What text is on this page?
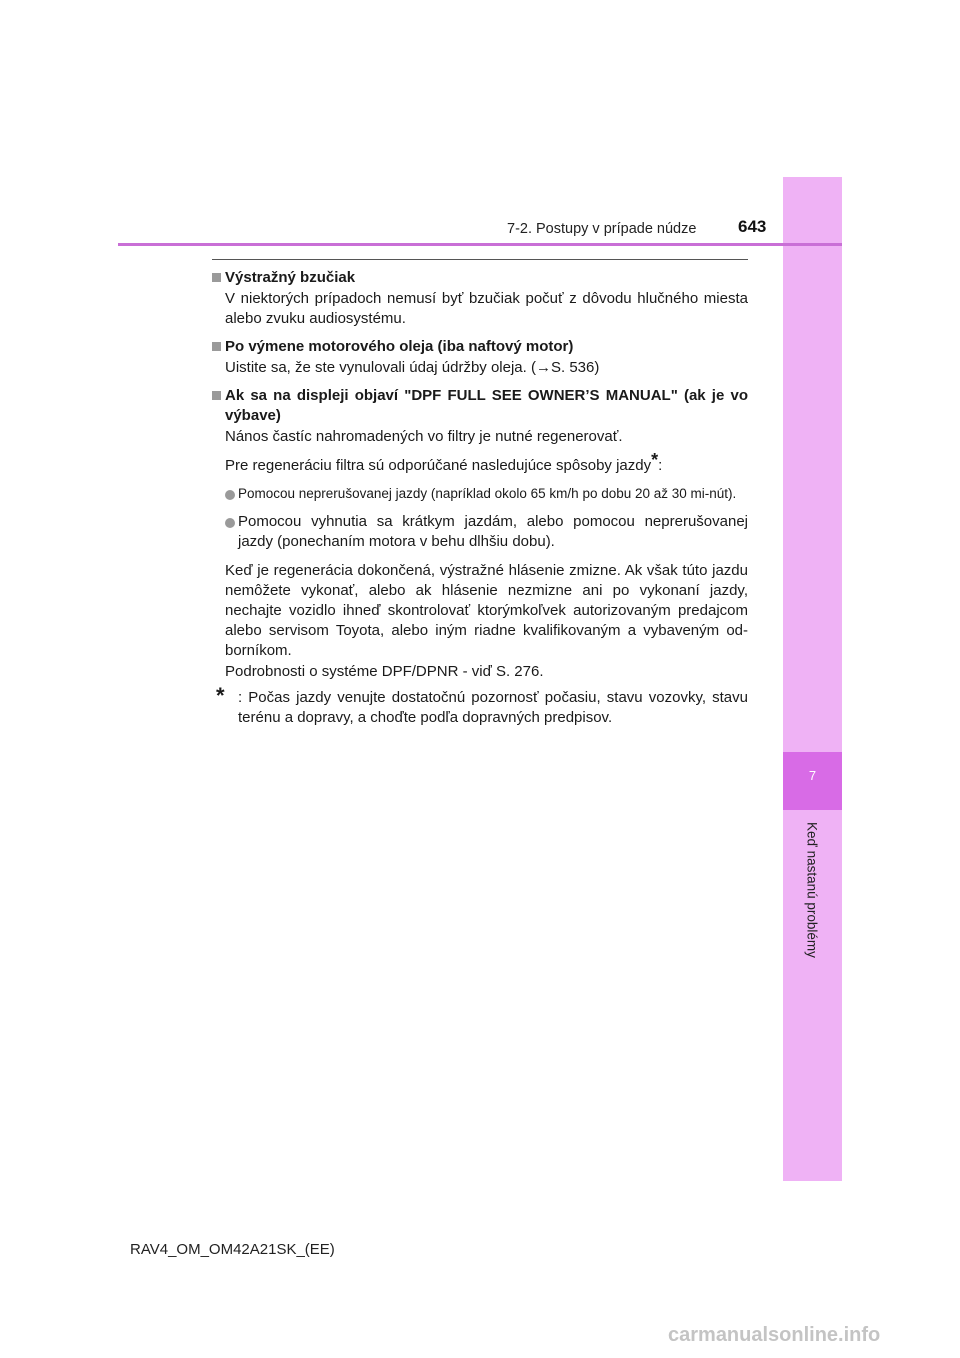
7
Keď nastanú problémy
7-2. Postupy v prípade núdze 643
Výstražný bzučiak
V niektorých prípadoch nemusí byť bzučiak počuť z dôvodu hlučného miesta alebo zvuku audiosystému.
Po výmene motorového oleja (iba naftový motor)
Uistite sa, že ste vynulovali údaj údržby oleja. (→S. 536)
Ak sa na displeji objaví "DPF FULL SEE OWNER’S MANUAL" (ak je vo výbave)
Nános častíc nahromadených vo filtry je nutné regenerovať.
Pre regeneráciu filtra sú odporúčané nasledujúce spôsoby jazdy*:
Pomocou neprerušovanej jazdy (napríklad okolo 65 km/h po dobu 20 až 30 mi-nút).
Pomocou vyhnutia sa krátkym jazdám, alebo pomocou neprerušovanej jazdy (ponechaním motora v behu dlhšiu dobu).
Keď je regenerácia dokončená, výstražné hlásenie zmizne. Ak však túto jazdu nemôžete vykonať, alebo ak hlásenie nezmizne ani po vykonaní jazdy, nechajte vozidlo ihneď skontrolovať ktorýmkoľvek autorizovaným predajcom alebo servisom Toyota, alebo iným riadne kvalifikovaným a vybaveným od-borníkom.
Podrobnosti o systéme DPF/DPNR - viď S. 276.
* : Počas jazdy venujte dostatočnú pozornosť počasiu, stavu vozovky, stavu terénu a dopravy, a choďte podľa dopravných predpisov.
RAV4_OM_OM42A21SK_(EE)
carmanualsonline.info
